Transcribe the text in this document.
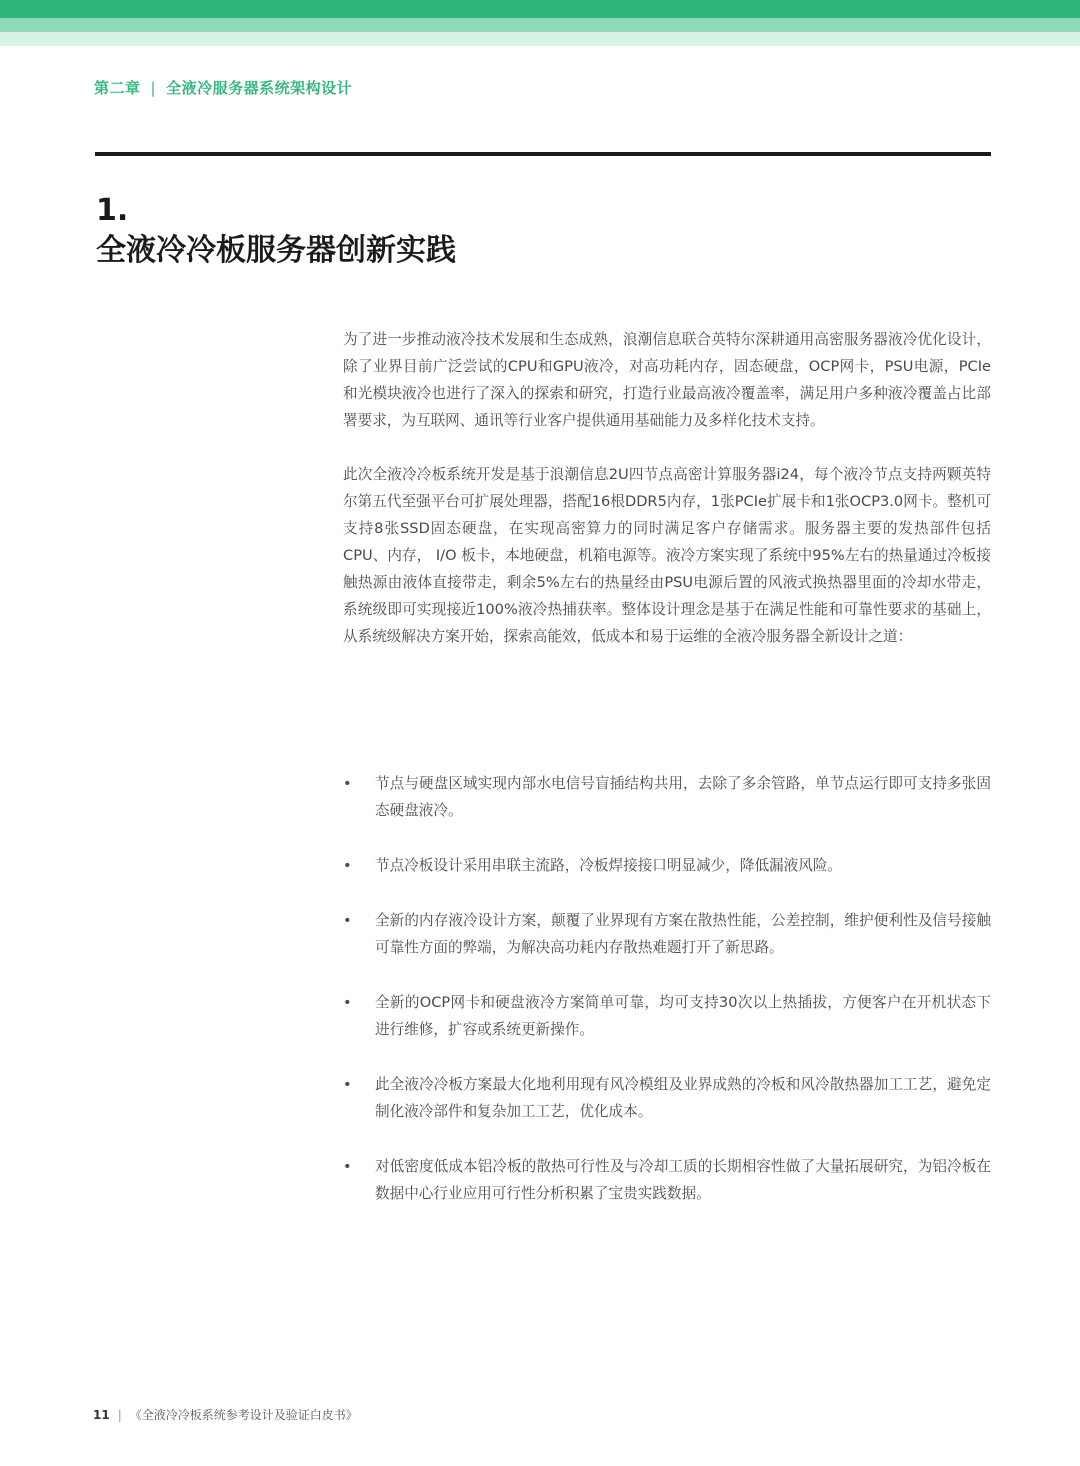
第二章 | 全液冷服务器系统架构设计
1.
全液冷冷板服务器创新实践

为了进一步推动液冷技术发展和生态成熟，浪潮信息联合英特尔深耕通用高密服务器液冷优化设计，除了业界目前广泛尝试的CPU和GPU液冷，对高功耗内存，固态硬盘，OCP网卡，PSU电源，PCIe和光模块液冷也进行了深入的探索和研究，打造行业最高液冷覆盖率，满足用户多种液冷覆盖占比部署要求，为互联网、通讯等行业客户提供通用基础能力及多样化技术支持。

此次全液冷冷板系统开发是基于浪潮信息2U四节点高密计算服务器i24，每个液冷节点支持两颗英特尔第五代至强平台可扩展处理器，搭配16根DDR5内存，1张PCIe扩展卡和1张OCP3.0网卡。整机可支持8张SSD固态硬盘，在实现高密算力的同时满足客户存储需求。服务器主要的发热部件包括CPU、内存， I/O 板卡，本地硬盘，机箱电源等。液冷方案实现了系统中95%左右的热量通过冷板接触热源由液体直接带走，剩余5%左右的热量经由PSU电源后置的风液式换热器里面的冷却水带走，系统级即可实现接近100%液冷热捕获率。整体设计理念是基于在满足性能和可靠性要求的基础上，从系统级解决方案开始，探索高能效，低成本和易于运维的全液冷服务器全新设计之道：

• 节点与硬盘区域实现内部水电信号盲插结构共用，去除了多余管路，单节点运行即可支持多张固态硬盘液冷。
• 节点冷板设计采用串联主流路，冷板焊接接口明显减少，降低漏液风险。
• 全新的内存液冷设计方案，颠覆了业界现有方案在散热性能，公差控制，维护便利性及信号接触可靠性方面的弊端，为解决高功耗内存散热难题打开了新思路。
• 全新的OCP网卡和硬盘液冷方案简单可靠，均可支持30次以上热插拔，方便客户在开机状态下进行维修，扩容或系统更新操作。
• 此全液冷冷板方案最大化地利用现有风冷模组及业界成熟的冷板和风冷散热器加工工艺，避免定制化液冷部件和复杂加工工艺，优化成本。
• 对低密度低成本铝冷板的散热可行性及与冷却工质的长期相容性做了大量拓展研究，为铝冷板在数据中心行业应用可行性分析积累了宝贵实践数据。
11 | 《全液冷冷板系统参考设计及验证白皮书》
